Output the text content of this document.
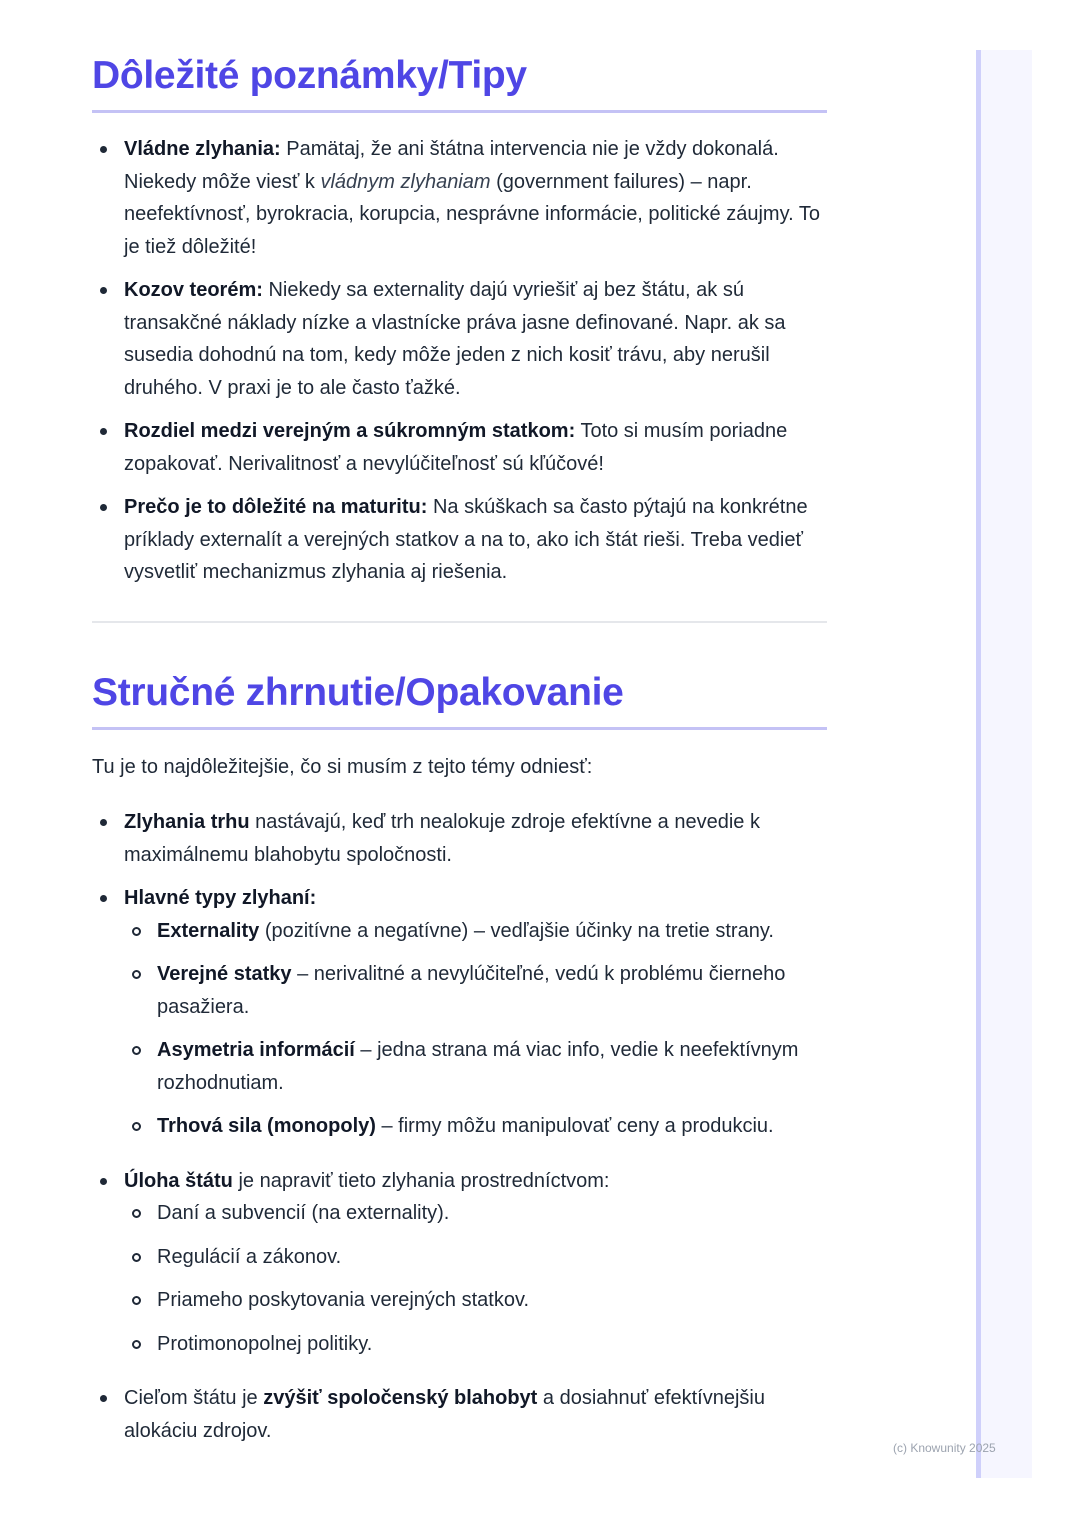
Dôležité poznámky/Tipy
Vládne zlyhania: Pamätaj, že ani štátna intervencia nie je vždy dokonalá. Niekedy môže viesť k vládnym zlyhaniam (government failures) – napr. neefektívnosť, byrokracia, korupcia, nesprávne informácie, politické záujmy. To je tiež dôležité!
Kozov teorém: Niekedy sa externality dajú vyriešiť aj bez štátu, ak sú transakčné náklady nízke a vlastnícke práva jasne definované. Napr. ak sa susedia dohodnú na tom, kedy môže jeden z nich kosiť trávu, aby nerušil druhého. V praxi je to ale často ťažké.
Rozdiel medzi verejným a súkromným statkom: Toto si musím poriadne zopakovať. Nerivalitnosť a nevylúčiteľnosť sú kľúčové!
Prečo je to dôležité na maturitu: Na skúškach sa často pýtajú na konkrétne príklady externalít a verejných statkov a na to, ako ich štát rieši. Treba vedieť vysvetliť mechanizmus zlyhania aj riešenia.
Stručné zhrnutie/Opakovanie

Tu je to najdôležitejšie, čo si musím z tejto témy odniesť:

Zlyhania trhu nastávajú, keď trh nealokuje zdroje efektívne a nevedie k maximálnemu blahobytu spoločnosti.
Hlavné typy zlyhaní:
Externality (pozitívne a negatívne) – vedľajšie účinky na tretie strany.
Verejné statky – nerivalitné a nevylúčiteľné, vedú k problému čierneho pasažiera.
Asymetria informácií – jedna strana má viac info, vedie k neefektívnym rozhodnutiam.
Trhová sila (monopoly) – firmy môžu manipulovať ceny a produkciu.
Úloha štátu je napraviť tieto zlyhania prostredníctvom:
Daní a subvencií (na externality).
Regulácií a zákonov.
Priameho poskytovania verejných statkov.
Protimonopolnej politiky.
Cieľom štátu je zvýšiť spoločenský blahobyt a dosiahnuť efektívnejšiu alokáciu zdrojov.
(c) Knowunity 2025
